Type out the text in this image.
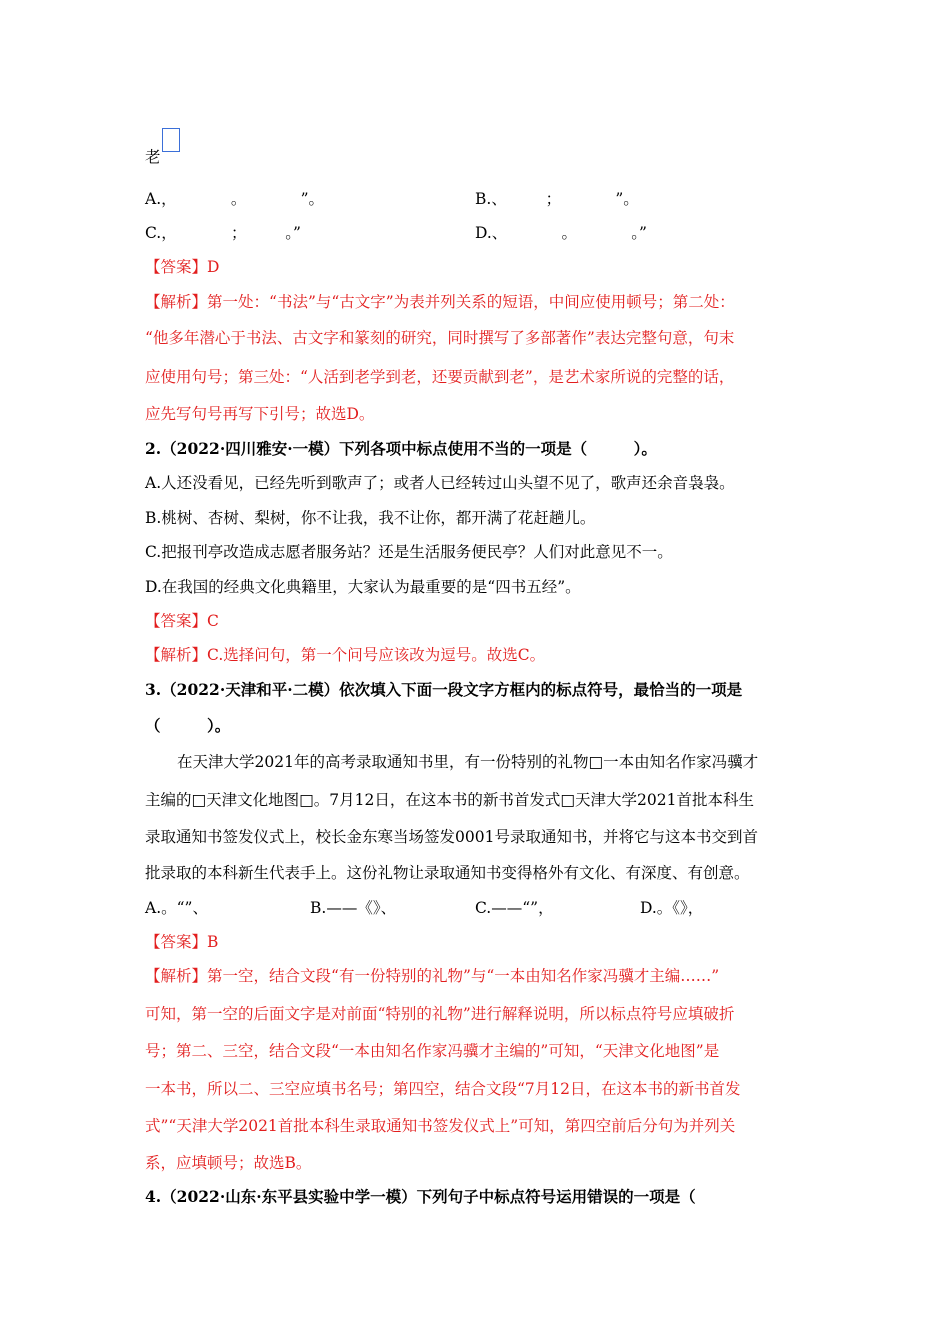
老
A.，　　　　。　　　　”。	B.、　　　；　　　　”。
C.，　　　　；　　　。”	D.、　　　　。　　　　。”
【答案】D
【解析】第一处：“书法”与“古文字”为表并列关系的短语，中间应使用顿号；第二处：
“他多年潜心于书法、古文字和篆刻的研究，同时撰写了多部著作”表达完整句意，句末
应使用句号；第三处：“人活到老学到老，还要贡献到老”，是艺术家所说的完整的话，
应先写句号再写下引号；故选D。
2.（2022·四川雅安·一模）下列各项中标点使用不当的一项是（　　　）。
A.人还没看见，已经先听到歌声了；或者人已经转过山头望不见了，歌声还余音袅袅。
B.桃树、杏树、梨树，你不让我，我不让你，都开满了花赶趟儿。
C.把报刊亭改造成志愿者服务站？还是生活服务便民亭？人们对此意见不一。
D.在我国的经典文化典籍里，大家认为最重要的是“四书五经”。
【答案】C
【解析】C.选择问句，第一个问号应该改为逗号。故选C。
3.（2022·天津和平·二模）依次填入下面一段文字方框内的标点符号，最恰当的一项是
（　　　）。
在天津大学2021年的高考录取通知书里，有一份特别的礼物□一本由知名作家冯骥才
主编的□天津文化地图□。7月12日，在这本书的新书首发式□天津大学2021首批本科生
录取通知书签发仪式上，校长金东寒当场签发0001号录取通知书，并将它与这本书交到首
批录取的本科新生代表手上。这份礼物让录取通知书变得格外有文化、有深度、有创意。
A.。“”、	B.——《》、	C.——“”，	D.。《》，
【答案】B
【解析】第一空，结合文段“有一份特别的礼物”与“一本由知名作家冯骥才主编……”
可知，第一空的后面文字是对前面“特别的礼物”进行解释说明，所以标点符号应填破折
号；第二、三空，结合文段“一本由知名作家冯骥才主编的”可知，“天津文化地图”是
一本书，所以二、三空应填书名号；第四空，结合文段“7月12日，在这本书的新书首发
式”“天津大学2021首批本科生录取通知书签发仪式上”可知，第四空前后分句为并列关
系，应填顿号；故选B。
4.（2022·山东·东平县实验中学一模）下列句子中标点符号运用错误的一项是（
